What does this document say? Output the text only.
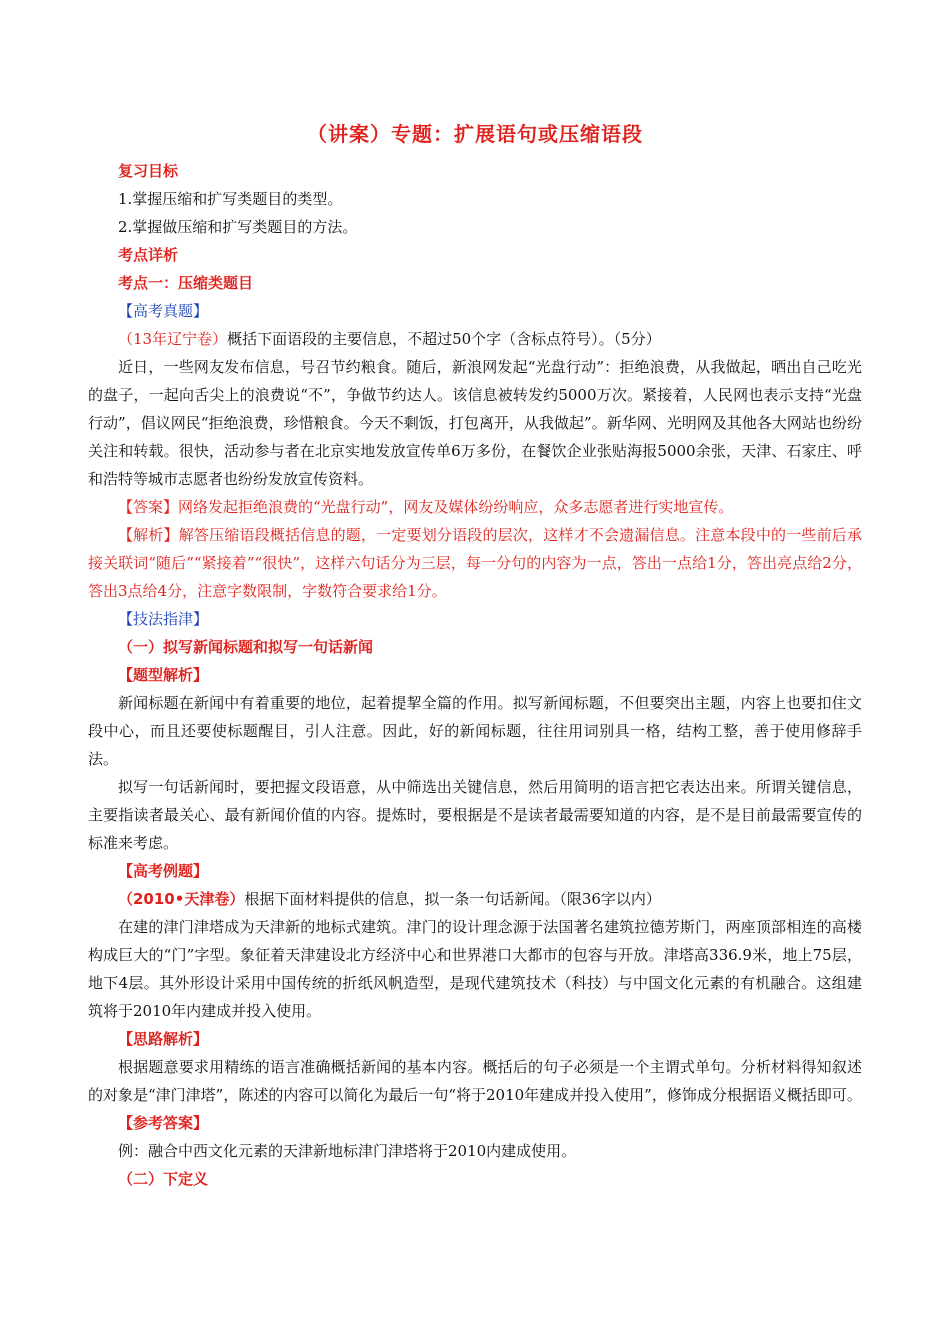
（讲案）专题：扩展语句或压缩语段

复习目标

1.掌握压缩和扩写类题目的类型。

2.掌握做压缩和扩写类题目的方法。

考点详析

考点一：压缩类题目

【高考真题】

（13年辽宁卷）概括下面语段的主要信息，不超过50个字（含标点符号）。（5分）

近日，一些网友发布信息，号召节约粮食。随后，新浪网发起“光盘行动”：拒绝浪费，从我做起，晒出自己吃光的盘子，一起向舌尖上的浪费说“不”，争做节约达人。该信息被转发约5000万次。紧接着，人民网也表示支持“光盘行动”，倡议网民“拒绝浪费，珍惜粮食。今天不剩饭，打包离开，从我做起”。新华网、光明网及其他各大网站也纷纷关注和转载。很快，活动参与者在北京实地发放宣传单6万多份，在餐饮企业张贴海报5000余张，天津、石家庄、呼和浩特等城市志愿者也纷纷发放宣传资料。

【答案】网络发起拒绝浪费的“光盘行动”，网友及媒体纷纷响应，众多志愿者进行实地宣传。

【解析】解答压缩语段概括信息的题，一定要划分语段的层次，这样才不会遗漏信息。注意本段中的一些前后承接关联词“随后”“紧接着”“很快”，这样六句话分为三层，每一分句的内容为一点，答出一点给1分，答出亮点给2分，答出3点给4分，注意字数限制，字数符合要求给1分。

【技法指津】

（一）拟写新闻标题和拟写一句话新闻

【题型解析】

新闻标题在新闻中有着重要的地位，起着提挈全篇的作用。拟写新闻标题，不但要突出主题，内容上也要扣住文段中心，而且还要使标题醒目，引人注意。因此，好的新闻标题，往往用词别具一格，结构工整，善于使用修辞手法。

拟写一句话新闻时，要把握文段语意，从中筛选出关键信息，然后用简明的语言把它表达出来。所谓关键信息，主要指读者最关心、最有新闻价值的内容。提炼时，要根据是不是读者最需要知道的内容，是不是目前最需要宣传的标准来考虑。

【高考例题】

（2010•天津卷）根据下面材料提供的信息，拟一条一句话新闻。（限36字以内）

在建的津门津塔成为天津新的地标式建筑。津门的设计理念源于法国著名建筑拉德芳斯门，两座顶部相连的高楼构成巨大的“门”字型。象征着天津建设北方经济中心和世界港口大都市的包容与开放。津塔高336.9米，地上75层，地下4层。其外形设计采用中国传统的折纸风帆造型，是现代建筑技术（科技）与中国文化元素的有机融合。这组建筑将于2010年内建成并投入使用。

【思路解析】

根据题意要求用精练的语言准确概括新闻的基本内容。概括后的句子必须是一个主谓式单句。分析材料得知叙述的对象是“津门津塔”，陈述的内容可以简化为最后一句“将于2010年建成并投入使用”，修饰成分根据语义概括即可。

【参考答案】

例：融合中西文化元素的天津新地标津门津塔将于2010内建成使用。

（二）下定义
